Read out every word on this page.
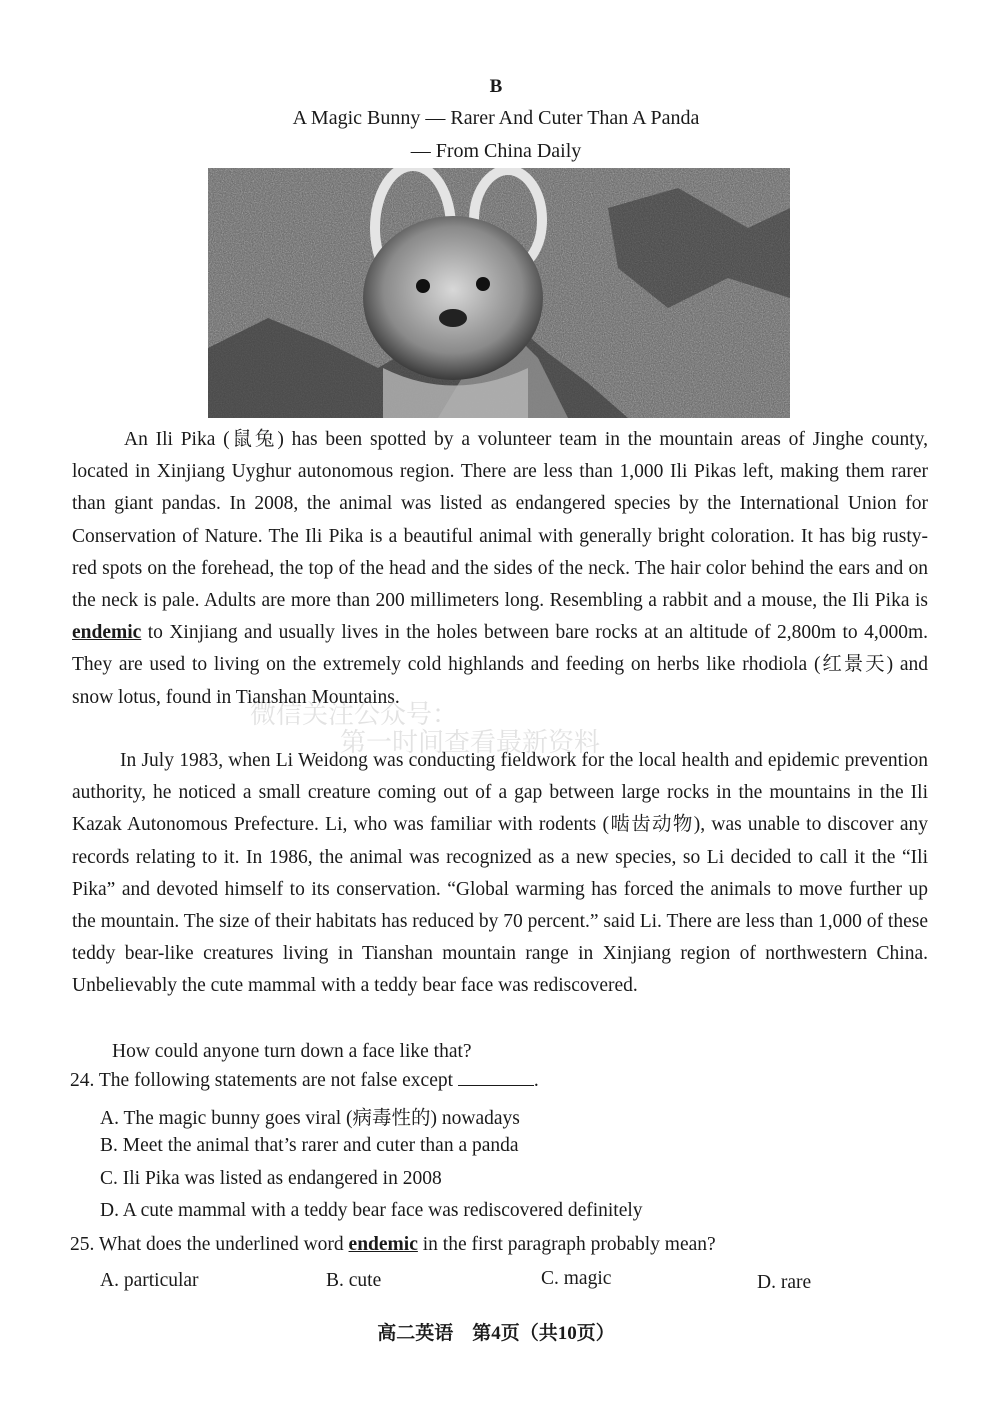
B
A Magic Bunny — Rarer And Cuter Than A Panda
— From China Daily

An Ili Pika (鼠兔) has been spotted by a volunteer team in the mountain areas of Jinghe county, located in Xinjiang Uyghur autonomous region. There are less than 1,000 Ili Pikas left, making them rarer than giant pandas. In 2008, the animal was listed as endangered species by the International Union for Conservation of Nature. The Ili Pika is a beautiful animal with generally bright coloration. It has big rusty-red spots on the forehead, the top of the head and the sides of the neck. The hair color behind the ears and on the neck is pale. Adults are more than 200 millimeters long. Resembling a rabbit and a mouse, the Ili Pika is endemic to Xinjiang and usually lives in the holes between bare rocks at an altitude of 2,800m to 4,000m. They are used to living on the extremely cold highlands and feeding on herbs like rhodiola (红景天) and snow lotus, found in Tianshan Mountains.

In July 1983, when Li Weidong was conducting fieldwork for the local health and epidemic prevention authority, he noticed a small creature coming out of a gap between large rocks in the mountains in the Ili Kazak Autonomous Prefecture. Li, who was familiar with rodents (啮齿动物), was unable to discover any records relating to it. In 1986, the animal was recognized as a new species, so Li decided to call it the “Ili Pika” and devoted himself to its conservation. “Global warming has forced the animals to move further up the mountain. The size of their habitats has reduced by 70 percent.” said Li. There are less than 1,000 of these teddy bear-like creatures living in Tianshan mountain range in Xinjiang region of northwestern China. Unbelievably the cute mammal with a teddy bear face was rediscovered.

How could anyone turn down a face like that?

24. The following statements are not false except	.
A. The magic bunny goes viral (病毒性的) nowadays
B. Meet the animal that’s rarer and cuter than a panda
C. Ili Pika was listed as endangered in 2008
D. A cute mammal with a teddy bear face was rediscovered definitely
25. What does the underlined word endemic in the first paragraph probably mean?
A. particular	B. cute	C. magic	D. rare
高二英语　第4页（共10页）
微信关注公众号：
第一时间查看最新资料
